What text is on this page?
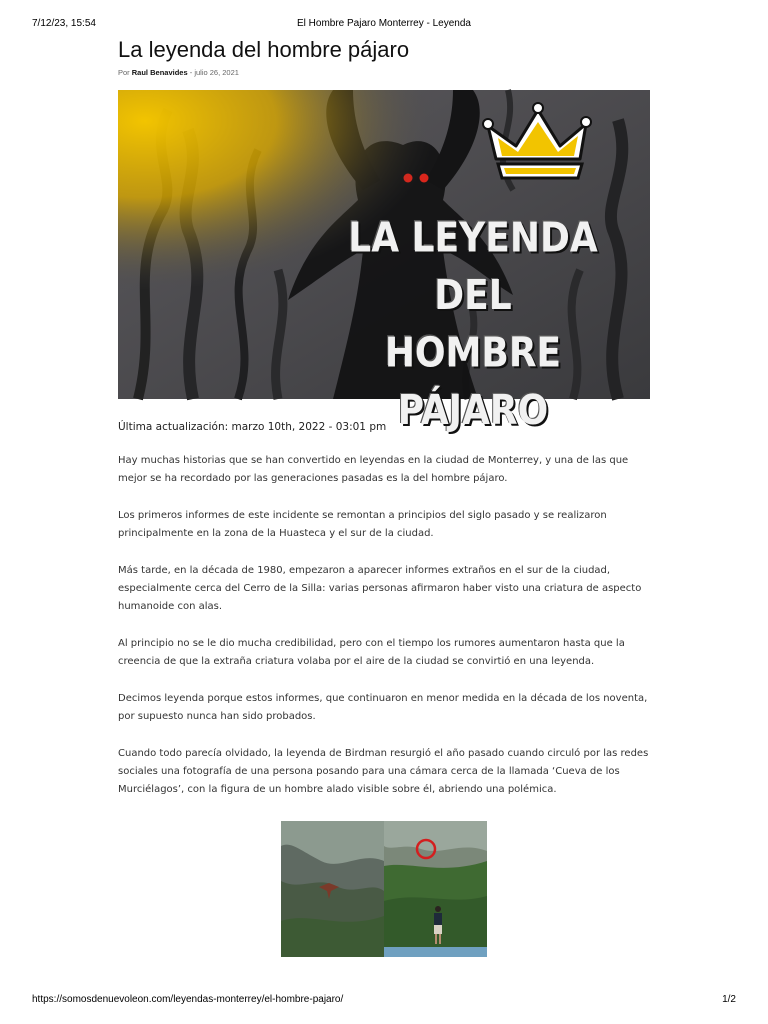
7/12/23, 15:54	El Hombre Pajaro Monterrey - Leyenda
La leyenda del hombre pájaro
Por Raul Benavides - julio 26, 2021
LA LEYENDA DEL
HOMBRE PÁJARO
Última actualización: marzo 10th, 2022 - 03:01 pm

Hay muchas historias que se han convertido en leyendas en la ciudad de Monterrey, y una de las que mejor se ha recordado por las generaciones pasadas es la del hombre pájaro.

Los primeros informes de este incidente se remontan a principios del siglo pasado y se realizaron principalmente en la zona de la Huasteca y el sur de la ciudad.

Más tarde, en la década de 1980, empezaron a aparecer informes extraños en el sur de la ciudad, especialmente cerca del Cerro de la Silla: varias personas afirmaron haber visto una criatura de aspecto humanoide con alas.

Al principio no se le dio mucha credibilidad, pero con el tiempo los rumores aumentaron hasta que la creencia de que la extraña criatura volaba por el aire de la ciudad se convirtió en una leyenda.

Decimos leyenda porque estos informes, que continuaron en menor medida en la década de los noventa, por supuesto nunca han sido probados.

Cuando todo parecía olvidado, la leyenda de Birdman resurgió el año pasado cuando circuló por las redes sociales una fotografía de una persona posando para una cámara cerca de la llamada ‘Cueva de los Murciélagos’, con la figura de un hombre alado visible sobre él, abriendo una polémica.

https://somosdenuevoleon.com/leyendas-monterrey/el-hombre-pajaro/	1/2
